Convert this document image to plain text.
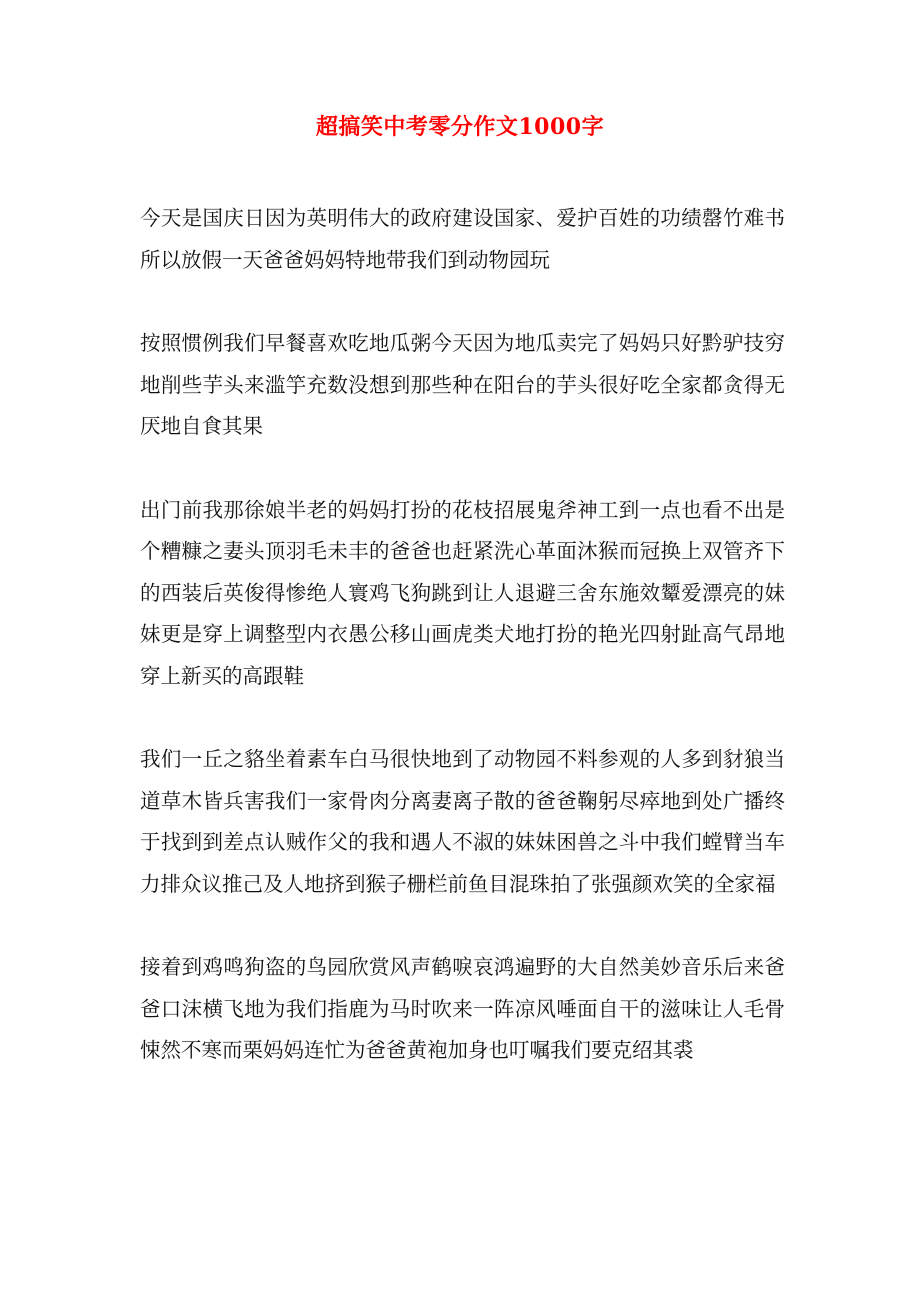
超搞笑中考零分作文1000字

今天是国庆日因为英明伟大的政府建设国家、爱护百姓的功绩罄竹难书所以放假一天爸爸妈妈特地带我们到动物园玩

按照惯例我们早餐喜欢吃地瓜粥今天因为地瓜卖完了妈妈只好黔驴技穷地削些芋头来滥竽充数没想到那些种在阳台的芋头很好吃全家都贪得无厌地自食其果

出门前我那徐娘半老的妈妈打扮的花枝招展鬼斧神工到一点也看不出是个糟糠之妻头顶羽毛未丰的爸爸也赶紧洗心革面沐猴而冠换上双管齐下的西装后英俊得惨绝人寰鸡飞狗跳到让人退避三舍东施效颦爱漂亮的妹妹更是穿上调整型内衣愚公移山画虎类犬地打扮的艳光四射趾高气昂地穿上新买的高跟鞋

我们一丘之貉坐着素车白马很快地到了动物园不料参观的人多到豺狼当道草木皆兵害我们一家骨肉分离妻离子散的爸爸鞠躬尽瘁地到处广播终于找到到差点认贼作父的我和遇人不淑的妹妹困兽之斗中我们螳臂当车力排众议推己及人地挤到猴子栅栏前鱼目混珠拍了张强颜欢笑的全家福

接着到鸡鸣狗盗的鸟园欣赏风声鹤唳哀鸿遍野的大自然美妙音乐后来爸爸口沫横飞地为我们指鹿为马时吹来一阵凉风唾面自干的滋味让人毛骨悚然不寒而栗妈妈连忙为爸爸黄袍加身也叮嘱我们要克绍其裘
